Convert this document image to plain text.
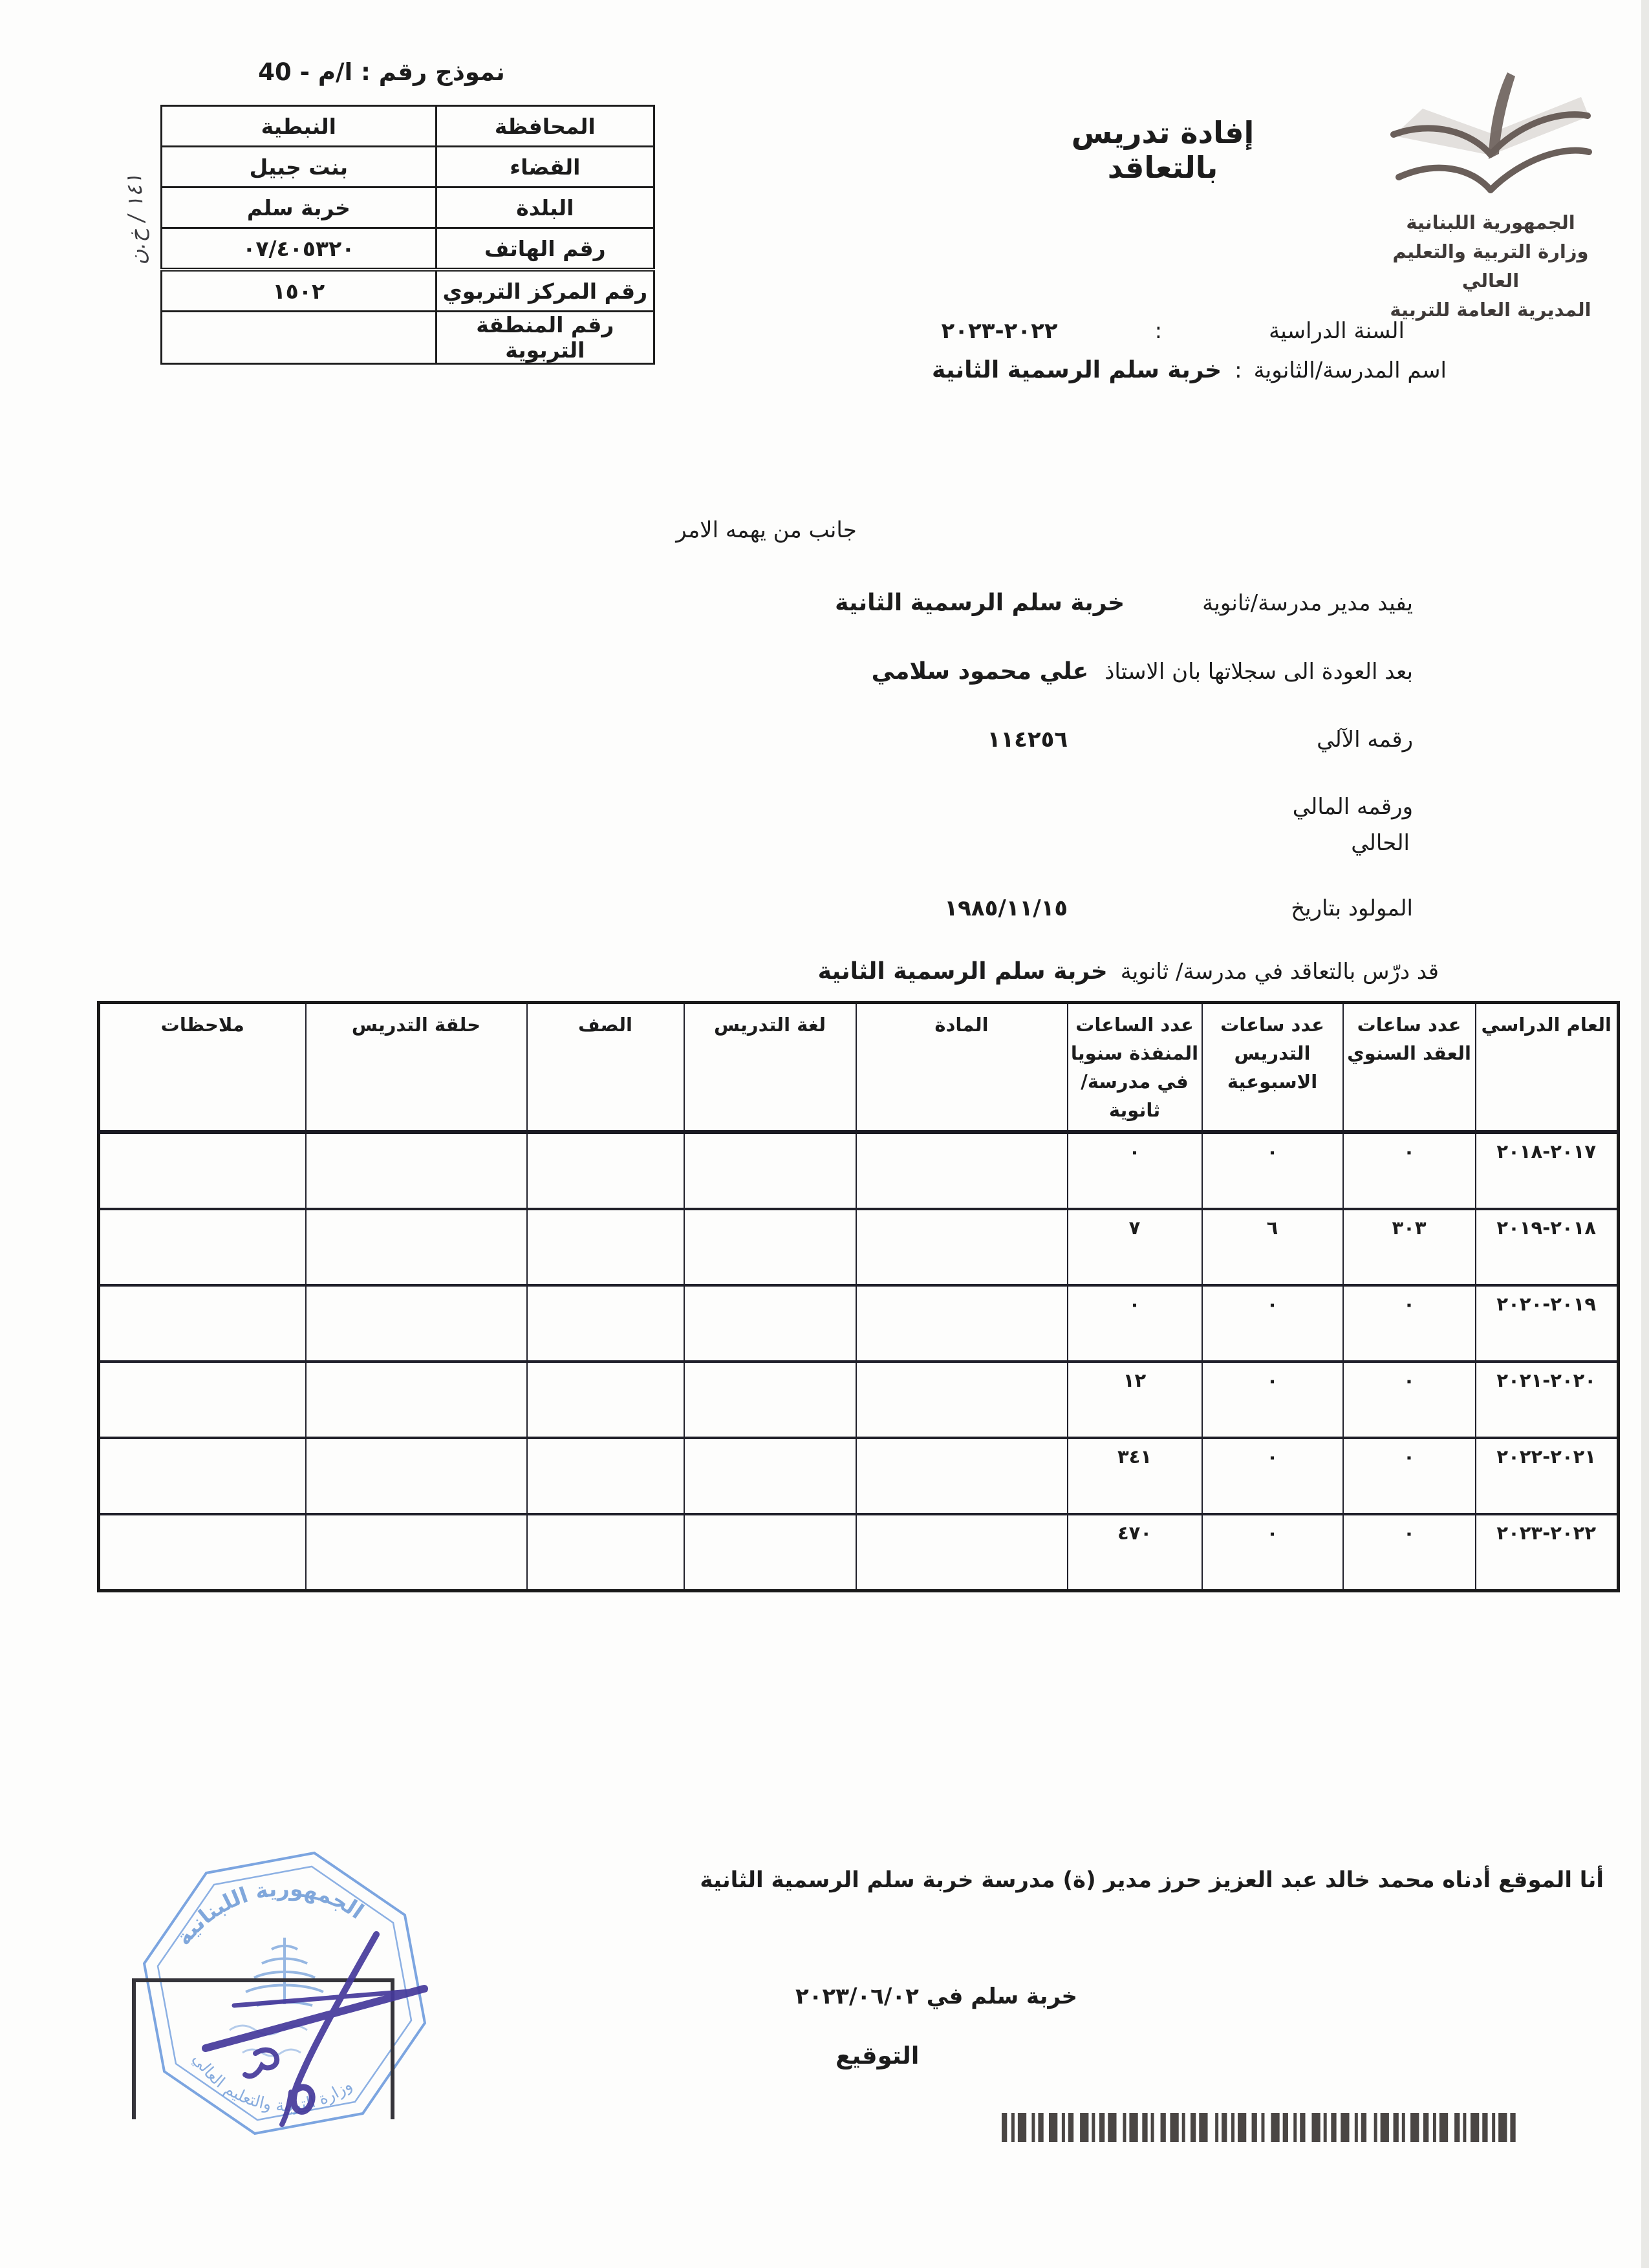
نموذج رقم : ا/م - 40
١٤١ / خ.ن
المحافظة	النبطية
القضاء	بنت جبيل
البلدة	خربة سلم
رقم الهاتف	٠٧/٤٠٥٣٢٠
رقم المركز التربوي	١٥٠٢
رقم المنطقة التربوية	
الجمهورية اللبنانية
وزارة التربية والتعليم العالي
المديرية العامة للتربية
إفادة تدريس بالتعاقد
السنة الدراسية:٢٠٢٢-٢٠٢٣
اسم المدرسة/الثانوية:خربة سلم الرسمية الثانية
جانب من يهمه الامر
يفيد مدير مدرسة/ثانويةخربة سلم الرسمية الثانية
بعد العودة الى سجلاتها بان الاستاذعلي محمود سلامي
رقمه الآلي١١٤٢٥٦
ورقمه المالي
الحالي
المولود بتاريخ١٩٨٥/١١/١٥
قد درّس بالتعاقد في مدرسة/ ثانويةخربة سلم الرسمية الثانية
العام الدراسي	عدد ساعات العقد السنوي	عدد ساعات التدريس الاسبوعية	عدد الساعات المنفذة سنويا في مدرسة/ثانوية	المادة	لغة التدريس	الصف	حلقة التدريس	ملاحظات
٢٠١٧-٢٠١٨	٠	٠	٠					
٢٠١٨-٢٠١٩	٣٠٣	٦	٧					
٢٠١٩-٢٠٢٠	٠	٠	٠					
٢٠٢٠-٢٠٢١	٠	٠	١٢					
٢٠٢١-٢٠٢٢	٠	٠	٣٤١					
٢٠٢٢-٢٠٢٣	٠	٠	٤٧٠					
أنا الموقع أدناه محمد خالد عبد العزيز حرز مدير (ة) مدرسة خربة سلم الرسمية الثانية
خربة سلم في ٢٠٢٣/٠٦/٠٢
التوقيع
الجمهورية اللبنانية
وزارة التربية والتعليم العالي
